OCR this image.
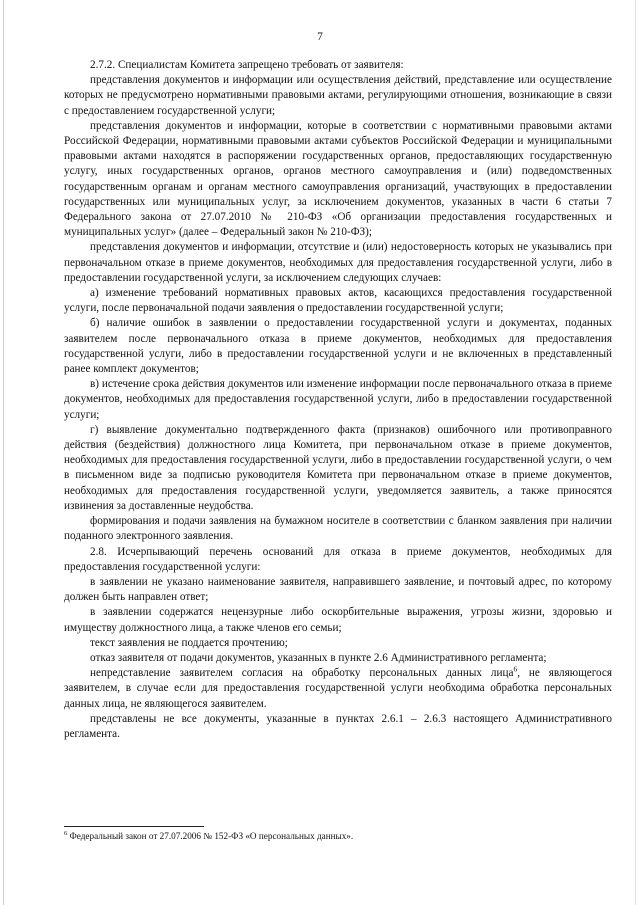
7

2.7.2. Специалистам Комитета запрещено требовать от заявителя:

представления документов и информации или осуществления действий, представление или осуществление которых не предусмотрено нормативными правовыми актами, регулирующими отношения, возникающие в связи с предоставлением государственной услуги;

представления документов и информации, которые в соответствии с нормативными правовыми актами Российской Федерации, нормативными правовыми актами субъектов Российской Федерации и муниципальными правовыми актами находятся в распоряжении государственных органов, предоставляющих государственную услугу, иных государственных органов, органов местного самоуправления и (или) подведомственных государственным органам и органам местного самоуправления организаций, участвующих в предоставлении государственных или муниципальных услуг, за исключением документов, указанных в части 6 статьи 7 Федерального закона от 27.07.2010 № 210-ФЗ «Об организации предоставления государственных и муниципальных услуг» (далее – Федеральный закон № 210-ФЗ);

представления документов и информации, отсутствие и (или) недостоверность которых не указывались при первоначальном отказе в приеме документов, необходимых для предоставления государственной услуги, либо в предоставлении государственной услуги, за исключением следующих случаев:

а) изменение требований нормативных правовых актов, касающихся предоставления государственной услуги, после первоначальной подачи заявления о предоставлении государственной услуги;

б) наличие ошибок в заявлении о предоставлении государственной услуги и документах, поданных заявителем после первоначального отказа в приеме документов, необходимых для предоставления государственной услуги, либо в предоставлении государственной услуги и не включенных в представленный ранее комплект документов;

в) истечение срока действия документов или изменение информации после первоначального отказа в приеме документов, необходимых для предоставления государственной услуги, либо в предоставлении государственной услуги;

г) выявление документально подтвержденного факта (признаков) ошибочного или противоправного действия (бездействия) должностного лица Комитета, при первоначальном отказе в приеме документов, необходимых для предоставления государственной услуги, либо в предоставлении государственной услуги, о чем в письменном виде за подписью руководителя Комитета при первоначальном отказе в приеме документов, необходимых для предоставления государственной услуги, уведомляется заявитель, а также приносятся извинения за доставленные неудобства.

формирования и подачи заявления на бумажном носителе в соответствии с бланком заявления при наличии поданного электронного заявления.

2.8. Исчерпывающий перечень оснований для отказа в приеме документов, необходимых для предоставления государственной услуги:

в заявлении не указано наименование заявителя, направившего заявление, и почтовый адрес, по которому должен быть направлен ответ;

в заявлении содержатся нецензурные либо оскорбительные выражения, угрозы жизни, здоровью и имуществу должностного лица, а также членов его семьи;

текст заявления не поддается прочтению;

отказ заявителя от подачи документов, указанных в пункте 2.6 Административного регламента;

непредставление заявителем согласия на обработку персональных данных лица$^6$, не являющегося заявителем, в случае если для предоставления государственной услуги необходима обработка персональных данных лица, не являющегося заявителем.

представлены не все документы, указанные в пунктах 2.6.1 – 2.6.3 настоящего Административного регламента.

$^6$ Федеральный закон от 27.07.2006 № 152-ФЗ «О персональных данных».
